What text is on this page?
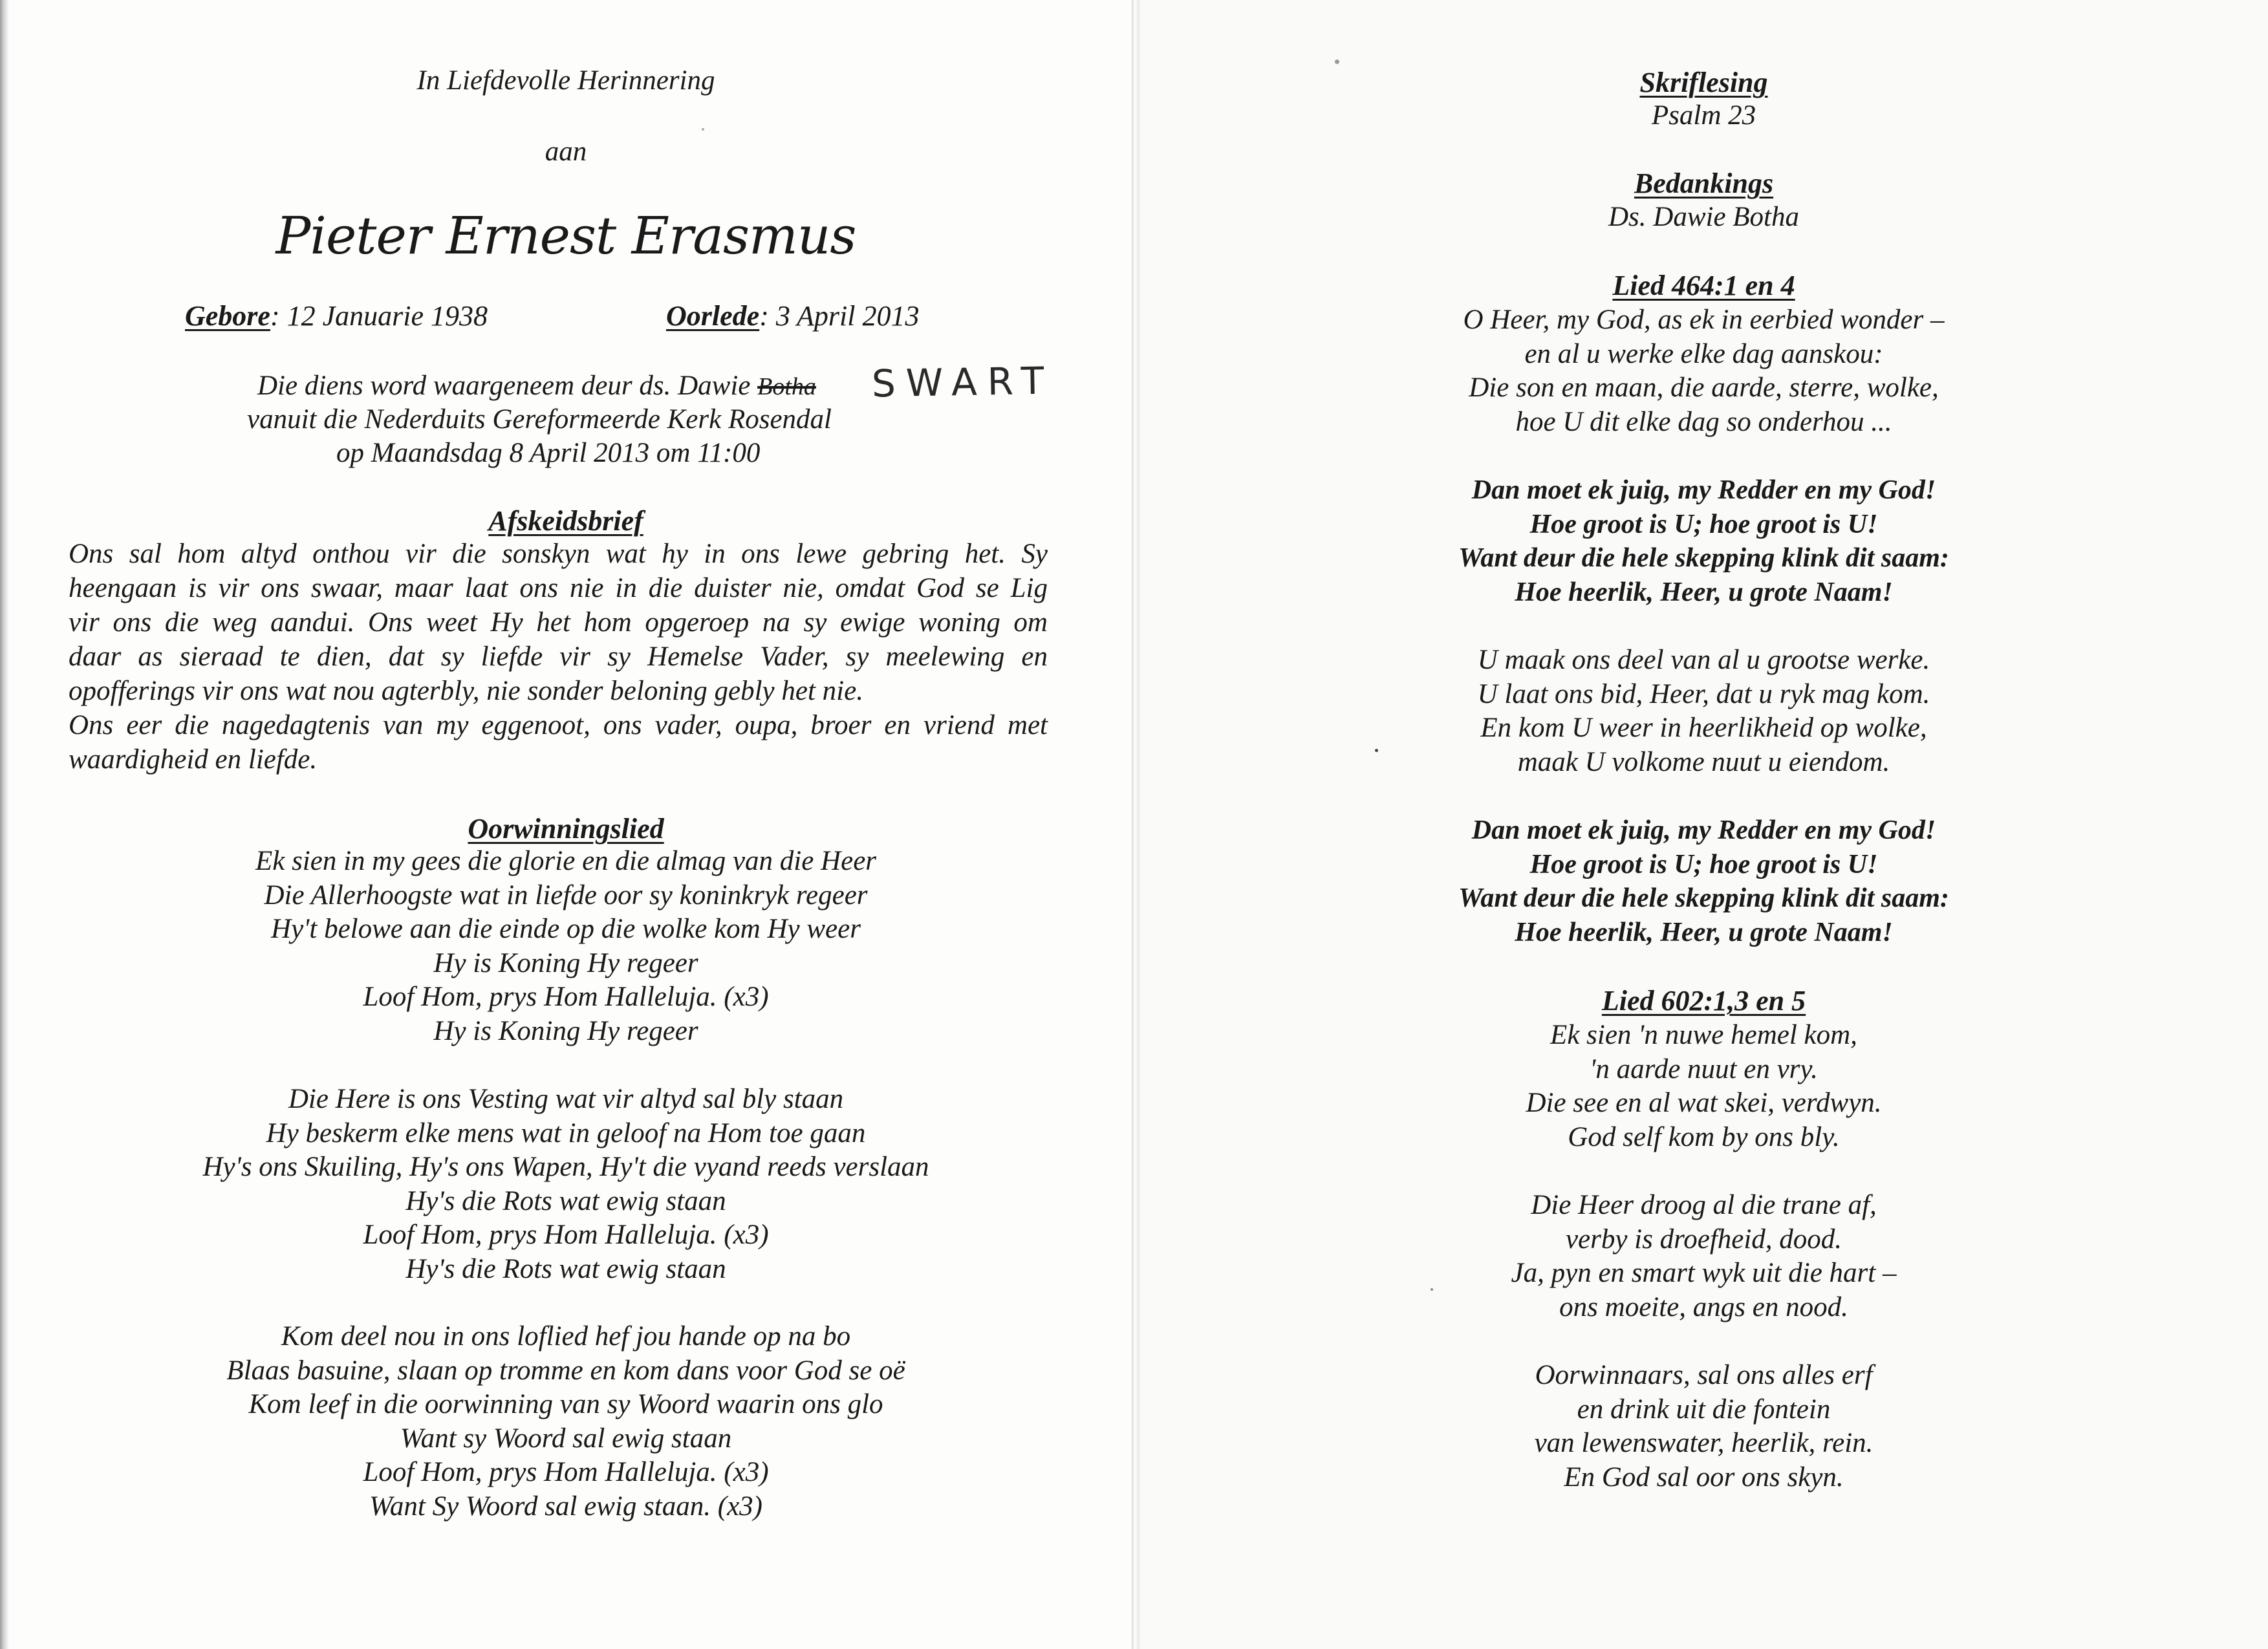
In Liefdevolle Herinnering
aan
Pieter Ernest Erasmus
Gebore: 12 Januarie 1938	Oorlede: 3 April 2013
Die diens word waargeneem deur ds. Dawie Botha SWART
vanuit die Nederduits Gereformeerde Kerk Rosendal
op Maandsdag 8 April 2013 om 11:00
Afskeidsbrief
Ons sal hom altyd onthou vir die sonskyn wat hy in ons lewe gebring het. Sy
heengaan is vir ons swaar, maar laat ons nie in die duister nie, omdat God se Lig
vir ons die weg aandui. Ons weet Hy het hom opgeroep na sy ewige woning om
daar as sieraad te dien, dat sy liefde vir sy Hemelse Vader, sy meelewing en
opofferings vir ons wat nou agterbly, nie sonder beloning gebly het nie.
Ons eer die nagedagtenis van my eggenoot, ons vader, oupa, broer en vriend met
waardigheid en liefde.
Oorwinningslied
Ek sien in my gees die glorie en die almag van die Heer
Die Allerhoogste wat in liefde oor sy koninkryk regeer
Hy't belowe aan die einde op die wolke kom Hy weer
Hy is Koning Hy regeer
Loof Hom, prys Hom Halleluja. (x3)
Hy is Koning Hy regeer
Die Here is ons Vesting wat vir altyd sal bly staan
Hy beskerm elke mens wat in geloof na Hom toe gaan
Hy's ons Skuiling, Hy's ons Wapen, Hy't die vyand reeds verslaan
Hy's die Rots wat ewig staan
Loof Hom, prys Hom Halleluja. (x3)
Hy's die Rots wat ewig staan
Kom deel nou in ons loflied hef jou hande op na bo
Blaas basuine, slaan op tromme en kom dans voor God se oë
Kom leef in die oorwinning van sy Woord waarin ons glo
Want sy Woord sal ewig staan
Loof Hom, prys Hom Halleluja. (x3)
Want Sy Woord sal ewig staan. (x3)
Skriflesing
Psalm 23
Bedankings
Ds. Dawie Botha
Lied 464:1 en 4
O Heer, my God, as ek in eerbied wonder –
en al u werke elke dag aanskou:
Die son en maan, die aarde, sterre, wolke,
hoe U dit elke dag so onderhou ...
Dan moet ek juig, my Redder en my God!
Hoe groot is U; hoe groot is U!
Want deur die hele skepping klink dit saam:
Hoe heerlik, Heer, u grote Naam!
U maak ons deel van al u grootse werke.
U laat ons bid, Heer, dat u ryk mag kom.
En kom U weer in heerlikheid op wolke,
maak U volkome nuut u eiendom.
Dan moet ek juig, my Redder en my God!
Hoe groot is U; hoe groot is U!
Want deur die hele skepping klink dit saam:
Hoe heerlik, Heer, u grote Naam!
Lied 602:1,3 en 5
Ek sien 'n nuwe hemel kom,
'n aarde nuut en vry.
Die see en al wat skei, verdwyn.
God self kom by ons bly.
Die Heer droog al die trane af,
verby is droefheid, dood.
Ja, pyn en smart wyk uit die hart –
ons moeite, angs en nood.
Oorwinnaars, sal ons alles erf
en drink uit die fontein
van lewenswater, heerlik, rein.
En God sal oor ons skyn.
